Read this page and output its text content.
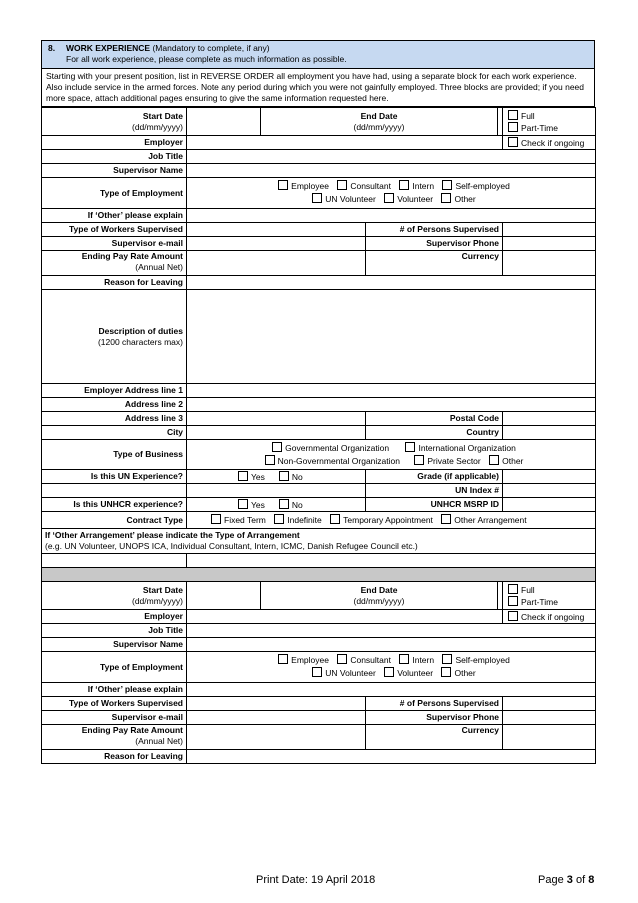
8. WORK EXPERIENCE (Mandatory to complete, if any)
For all work experience, please complete as much information as possible.
Starting with your present position, list in REVERSE ORDER all employment you have had, using a separate block for each work experience. Also include service in the armed forces. Note any period during which you were not gainfully employed. Three blocks are provided; if you need more space, attach additional pages ensuring to give the same information requested here.
Start Date
(dd/mm/yyyy)		End Date
(dd/mm/yyyy)			Full
Part-Time

Employer					Check if ongoing
Job Title					
Supervisor Name					
Type of Employment	Employee Consultant Intern Self-employed
UN Volunteer Volunteer Other				

If ‘Other’ please explain					
Type of Workers Supervised			# of Persons Supervised		
Supervisor e-mail			Supervisor Phone		
Ending Pay Rate Amount
(Annual Net)			Currency		
Reason for Leaving					
Description of duties
(1200 characters max)					

Employer Address line 1					
Address line 2					
Address line 3			Postal Code		
City			Country		
Type of Business	Governmental Organization International Organization
Non-Governmental Organization Private Sector Other				

Is this UN Experience?	Yes No		Grade (if applicable)		
			UN Index #		
Is this UNHCR experience?	Yes No		UNHCR MSRP ID		
Contract Type	Fixed Term Indefinite Temporary Appointment Other Arrangement				
If ‘Other Arrangement’ please indicate the Type of Arrangement
(e.g. UN Volunteer, UNOPS ICA, Individual Consultant, Intern, ICMC, Danish Refugee Council etc.)					

Start Date
(dd/mm/yyyy)		End Date
(dd/mm/yyyy)			Full
Part-Time

Employer					Check if ongoing
Job Title					
Supervisor Name					
Type of Employment	Employee Consultant Intern Self-employed
UN Volunteer Volunteer Other				

If ‘Other’ please explain					
Type of Workers Supervised			# of Persons Supervised		
Supervisor e-mail			Supervisor Phone		
Ending Pay Rate Amount
(Annual Net)			Currency		
Reason for Leaving					
Print Date: 19 April 2018	Page 3 of 8
